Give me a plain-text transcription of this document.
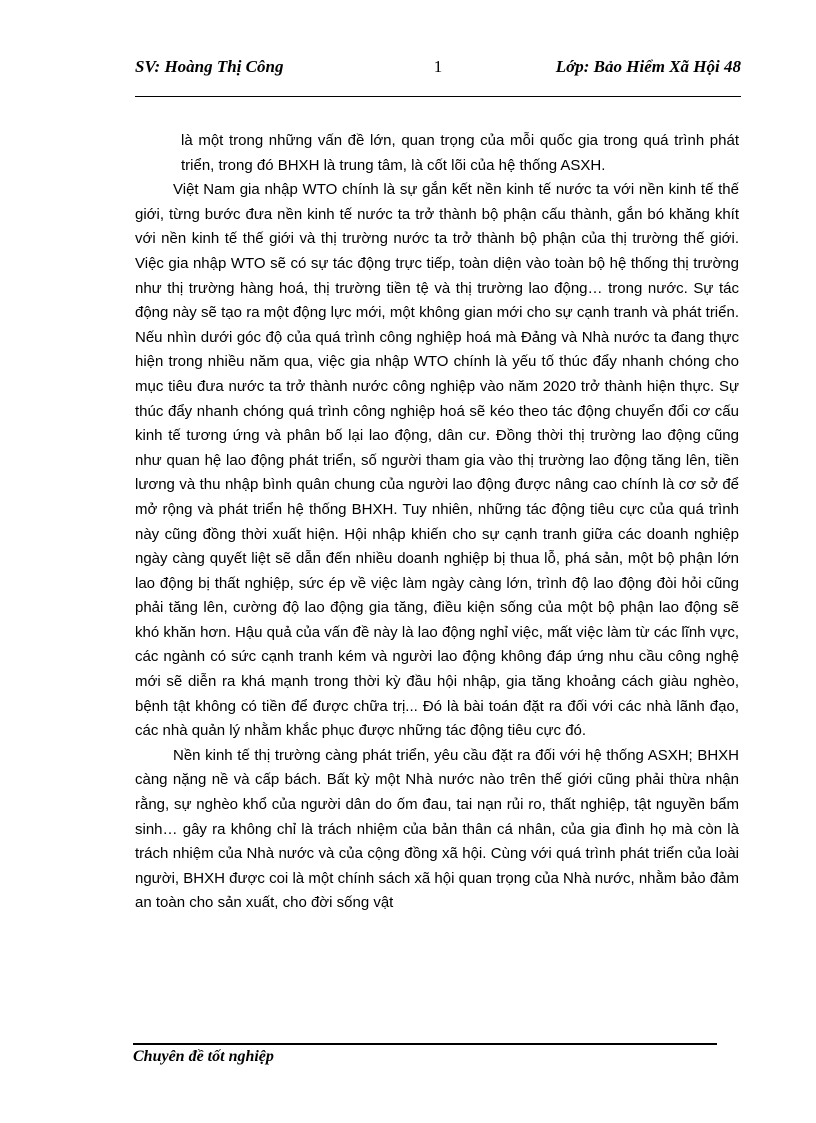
SV: Hoàng Thị Công	1	Lớp: Bảo Hiểm Xã Hội 48

là một trong những vấn đề lớn, quan trọng của mỗi quốc gia trong quá trình phát triển, trong đó BHXH là trung tâm, là cốt lõi của hệ thống ASXH.

Việt Nam gia nhập WTO chính là sự gắn kết nền kinh tế nước ta với nền kinh tế thế giới, từng bước đưa nền kinh tế nước ta trở thành bộ phận cấu thành, gắn bó khăng khít với nền kinh tế thế giới và thị trường nước ta trở thành bộ phận của thị trường thế giới. Việc gia nhập WTO sẽ có sự tác động trực tiếp, toàn diện vào toàn bộ hệ thống thị trường như thị trường hàng hoá, thị trường tiền tệ và thị trường lao động… trong nước. Sự tác động này sẽ tạo ra một động lực mới, một không gian mới cho sự cạnh tranh và phát triển. Nếu nhìn dưới góc độ của quá trình công nghiệp hoá mà Đảng và Nhà nước ta đang thực hiện trong nhiều năm qua, việc gia nhập WTO chính là yếu tố thúc đẩy nhanh chóng cho mục tiêu đưa nước ta trở thành nước công nghiệp vào năm 2020 trở thành hiện thực. Sự thúc đẩy nhanh chóng quá trình công nghiệp hoá sẽ kéo theo tác động chuyển đổi cơ cấu kinh tế tương ứng và phân bố lại lao động, dân cư. Đồng thời thị trường lao động cũng như quan hệ lao động phát triển, số người tham gia vào thị trường lao động tăng lên, tiền lương và thu nhập bình quân chung của người lao động được nâng cao chính là cơ sở để mở rộng và phát triển hệ thống BHXH. Tuy nhiên, những tác động tiêu cực của quá trình này cũng đồng thời xuất hiện. Hội nhập khiến cho sự cạnh tranh giữa các doanh nghiệp ngày càng quyết liệt sẽ dẫn đến nhiều doanh nghiệp bị thua lỗ, phá sản, một bộ phận lớn lao động bị thất nghiệp, sức ép về việc làm ngày càng lớn, trình độ lao động đòi hỏi cũng phải tăng lên, cường độ lao động gia tăng, điều kiện sống của một bộ phận lao động sẽ khó khăn hơn. Hậu quả của vấn đề này là lao động nghỉ việc, mất việc làm từ các lĩnh vực, các ngành có sức cạnh tranh kém và người lao động không đáp ứng nhu cầu công nghệ mới sẽ diễn ra khá mạnh trong thời kỳ đầu hội nhập, gia tăng khoảng cách giàu nghèo, bệnh tật không có tiền để được chữa trị... Đó là bài toán đặt ra đối với các nhà lãnh đạo, các nhà quản lý nhằm khắc phục được những tác động tiêu cực đó.

Nền kinh tế thị trường càng phát triển, yêu cầu đặt ra đối với hệ thống ASXH; BHXH càng nặng nề và cấp bách. Bất kỳ một Nhà nước nào trên thế giới cũng phải thừa nhận rằng, sự nghèo khổ của người dân do ốm đau, tai nạn rủi ro, thất nghiệp, tật nguyền bẩm sinh… gây ra không chỉ là trách nhiệm của bản thân cá nhân, của gia đình họ mà còn là trách nhiệm của Nhà nước và của cộng đồng xã hội. Cùng với quá trình phát triển của loài người, BHXH được coi là một chính sách xã hội quan trọng của Nhà nước, nhằm bảo đảm an toàn cho sản xuất, cho đời sống vật

Chuyên đề tốt nghiệp
